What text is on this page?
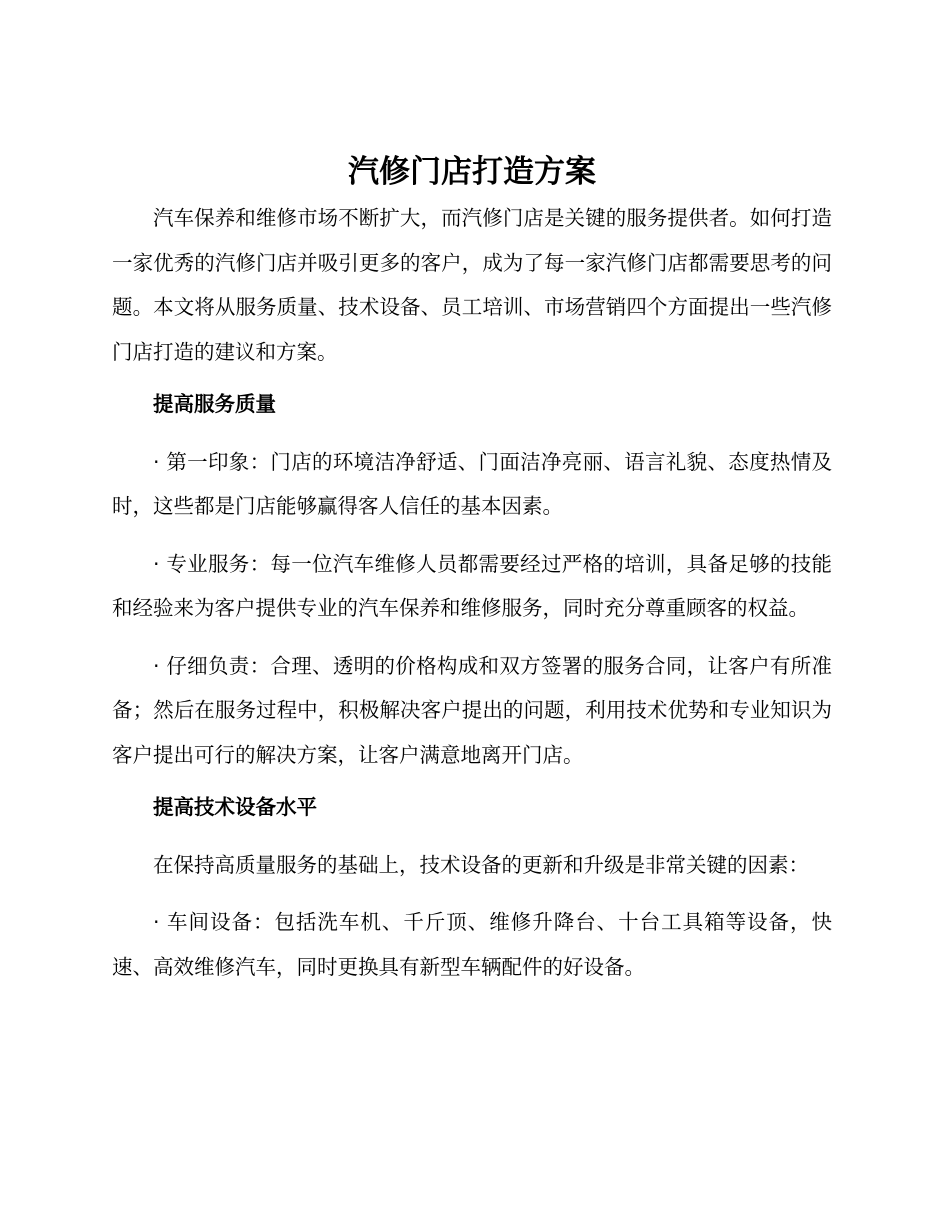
汽修门店打造方案

汽车保养和维修市场不断扩大，而汽修门店是关键的服务提供者。如何打造一家优秀的汽修门店并吸引更多的客户，成为了每一家汽修门店都需要思考的问题。本文将从服务质量、技术设备、员工培训、市场营销四个方面提出一些汽修门店打造的建议和方案。

提高服务质量

· 第一印象：门店的环境洁净舒适、门面洁净亮丽、语言礼貌、态度热情及时，这些都是门店能够赢得客人信任的基本因素。

· 专业服务：每一位汽车维修人员都需要经过严格的培训，具备足够的技能和经验来为客户提供专业的汽车保养和维修服务，同时充分尊重顾客的权益。

· 仔细负责：合理、透明的价格构成和双方签署的服务合同，让客户有所准备；然后在服务过程中，积极解决客户提出的问题，利用技术优势和专业知识为客户提出可行的解决方案，让客户满意地离开门店。

提高技术设备水平

在保持高质量服务的基础上，技术设备的更新和升级是非常关键的因素：

· 车间设备：包括洗车机、千斤顶、维修升降台、十台工具箱等设备，快速、高效维修汽车，同时更换具有新型车辆配件的好设备。
